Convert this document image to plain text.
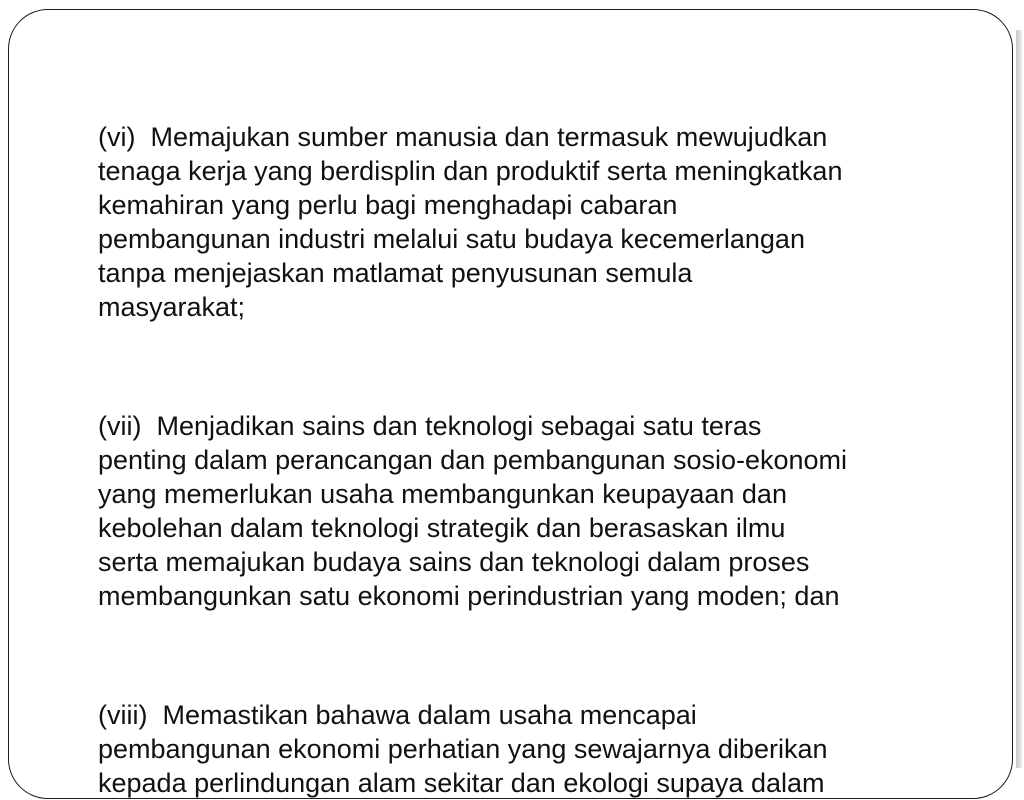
(vi)  Memajukan sumber manusia dan termasuk mewujudkan
tenaga kerja yang berdisplin dan produktif serta meningkatkan
kemahiran yang perlu bagi menghadapi cabaran
pembangunan industri melalui satu budaya kecemerlangan
tanpa menjejaskan matlamat penyusunan semula
masyarakat;

(vii)  Menjadikan sains dan teknologi sebagai satu teras
penting dalam perancangan dan pembangunan sosio-ekonomi
yang memerlukan usaha membangunkan keupayaan dan
kebolehan dalam teknologi strategik dan berasaskan ilmu
serta memajukan budaya sains dan teknologi dalam proses
membangunkan satu ekonomi perindustrian yang moden; dan

(viii)  Memastikan bahawa dalam usaha mencapai
pembangunan ekonomi perhatian yang sewajarnya diberikan
kepada perlindungan alam sekitar dan ekologi supaya dalam
